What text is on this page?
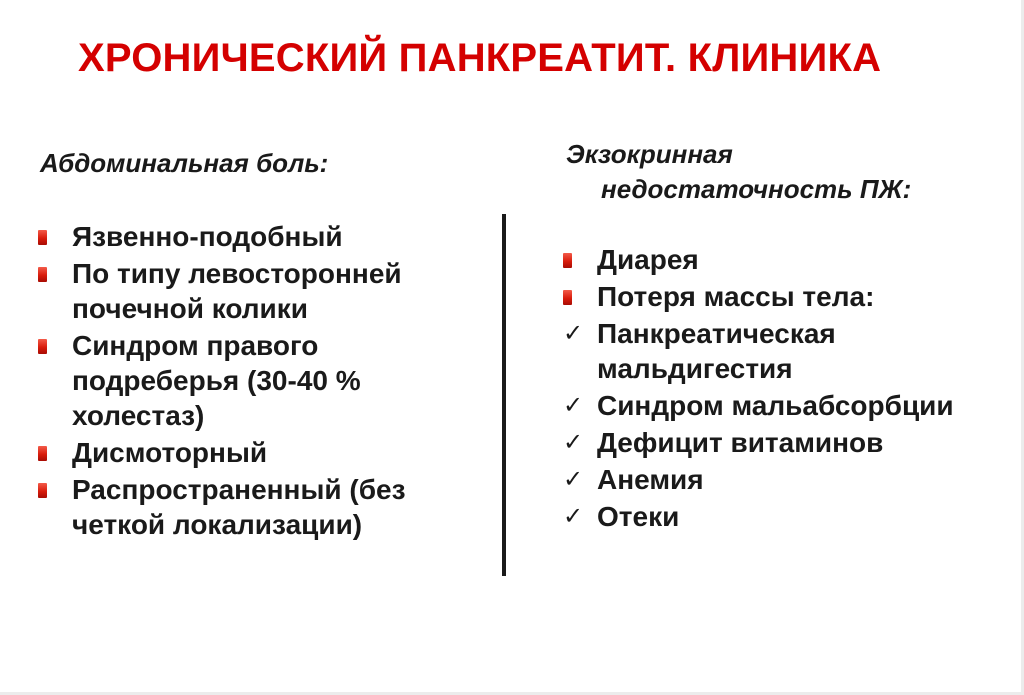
ХРОНИЧЕСКИЙ ПАНКРЕАТИТ. КЛИНИКА
Абдоминальная боль:	Экзокринная
недостаточность ПЖ:
Язвенно-подобный
По типу левосторонней
почечной колики
Синдром правого
подреберья (30-40 %
холестаз)
Дисмоторный
Распространенный (без
четкой локализации)
Диарея
Потеря массы тела:
✓ Панкреатическая
мальдигестия
✓ Синдром мальабсорбции
✓ Дефицит витаминов
✓ Анемия
✓ Отеки
